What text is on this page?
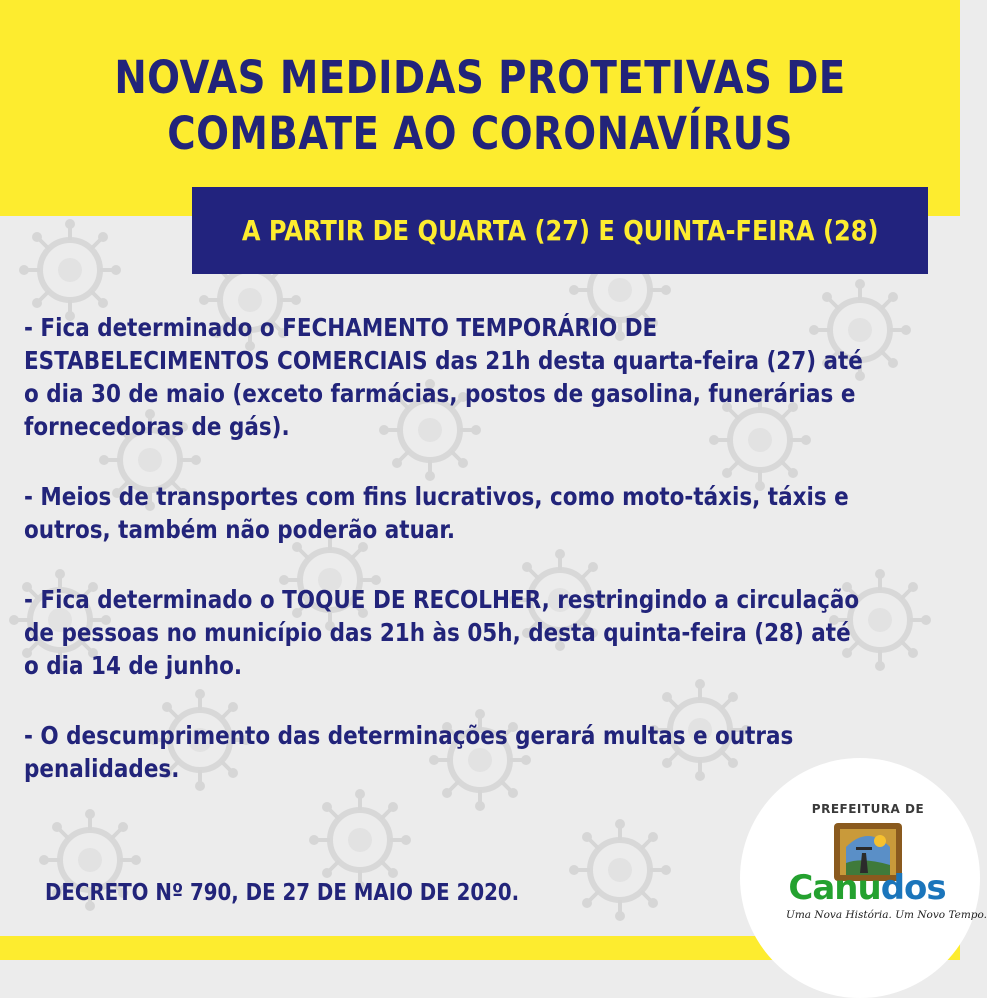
NOVAS MEDIDAS PROTETIVAS DE
COMBATE AO CORONAVÍRUS
A PARTIR DE QUARTA (27) E QUINTA-FEIRA (28)

- Fica determinado o FECHAMENTO TEMPORÁRIO DE
ESTABELECIMENTOS COMERCIAIS das 21h desta quarta-feira (27) até
o dia 30 de maio (exceto farmácias, postos de gasolina, funerárias e
fornecedoras de gás).

- Meios de transportes com fins lucrativos, como moto-táxis, táxis e
outros, também não poderão atuar.

- Fica determinado o TOQUE DE RECOLHER, restringindo a circulação
de pessoas no município das 21h às 05h, desta quinta-feira (28) até
o dia 14 de junho.

- O descumprimento das determinações gerará multas e outras
penalidades.

DECRETO Nº 790, DE 27 DE MAIO DE 2020.
PREFEITURA DE
Canudos
Uma Nova História. Um Novo Tempo.
